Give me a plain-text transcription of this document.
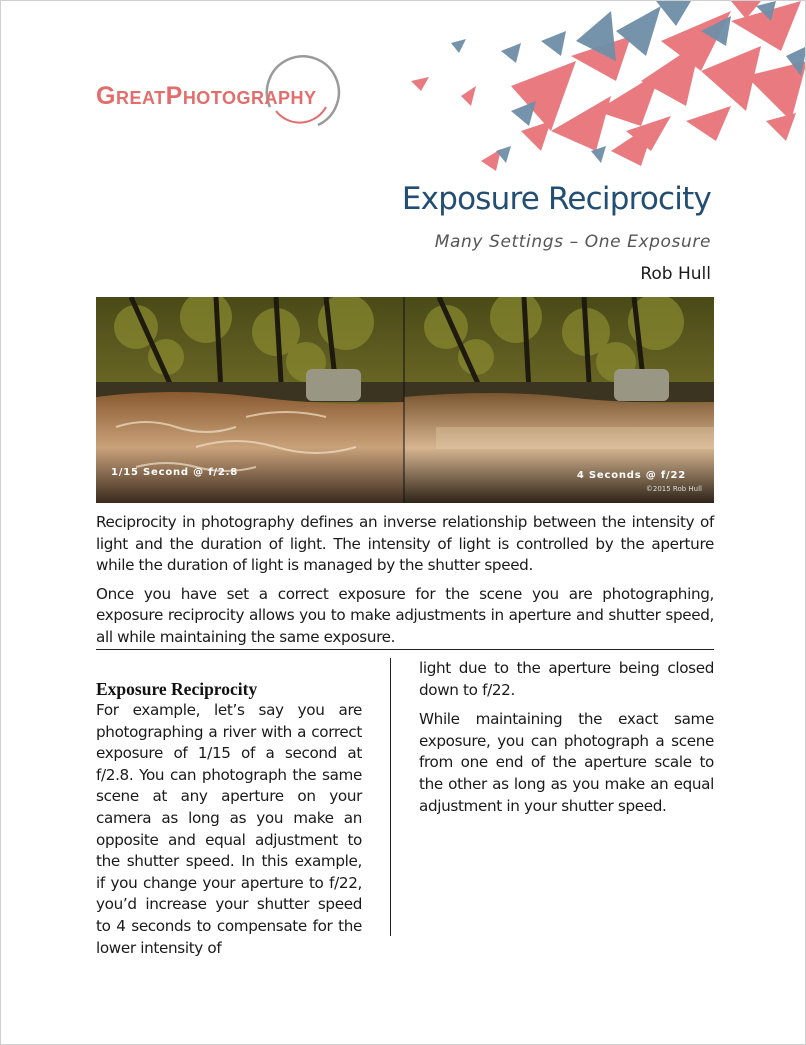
GREATPHOTOGRAPHY
Exposure Reciprocity
Many Settings – One Exposure
Rob Hull
1/15 Second @ f/2.8	4 Seconds @ f/22
©2015 Rob Hull

Reciprocity in photography defines an inverse relationship between the intensity of light and the duration of light. The intensity of light is controlled by the aperture while the duration of light is managed by the shutter speed.

Once you have set a correct exposure for the scene you are photographing, exposure reciprocity allows you to make adjustments in aperture and shutter speed, all while maintaining the same exposure.

Exposure Reciprocity
For example, let’s say you are photographing a river with a correct exposure of 1/15 of a second at f/2.8. You can photograph the same scene at any aperture on your camera as long as you make an opposite and equal adjustment to the shutter speed. In this example, if you change your aperture to f/22, you’d increase your shutter speed to 4 seconds to compensate for the lower intensity of
light due to the aperture being closed down to f/22.
While maintaining the exact same exposure, you can photograph a scene from one end of the aperture scale to the other as long as you make an equal adjustment in your shutter speed.
